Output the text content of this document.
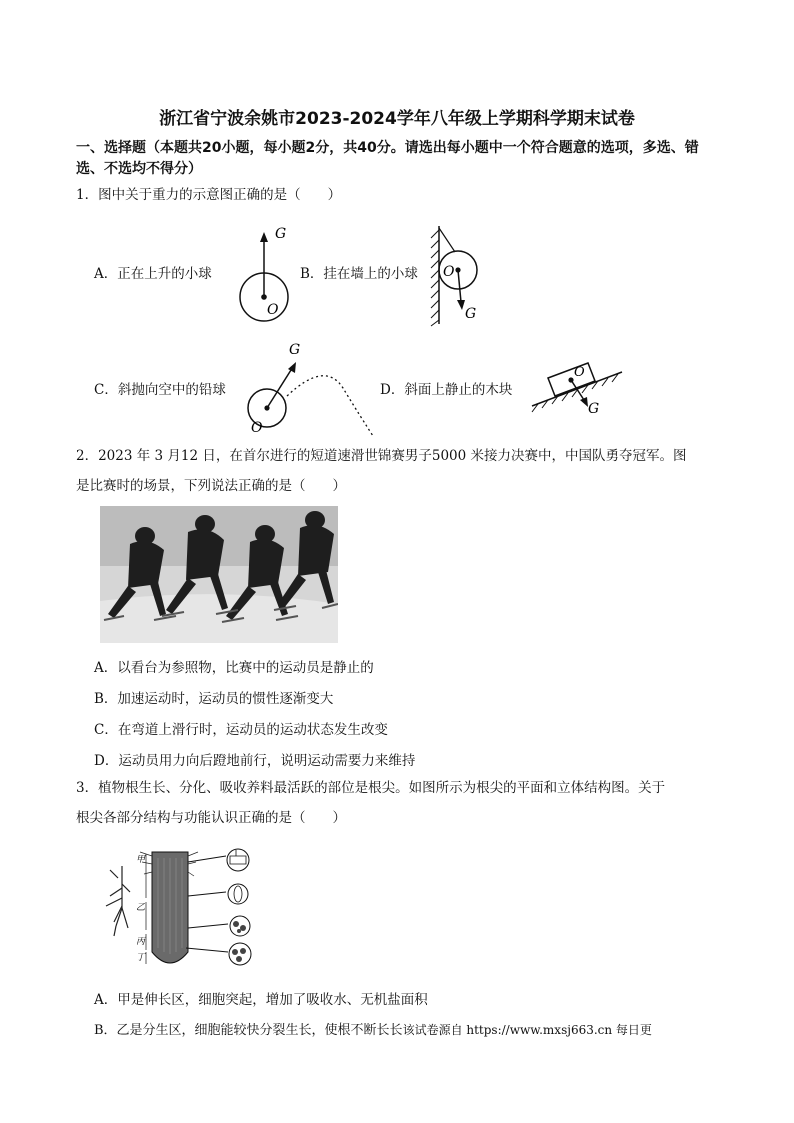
浙江省宁波余姚市2023-2024学年八年级上学期科学期末试卷
一、选择题（本题共20小题，每小题2分，共40分。请选出每小题中一个符合题意的选项，多选、错选、不选均不得分）
1．图中关于重力的示意图正确的是（　　）
A．正在上升的小球	B．挂在墙上的小球
C．斜抛向空中的铅球	D．斜面上静止的木块
G
O
O
G
G
O
O
G
2．2023 年 3 月12 日，在首尔进行的短道速滑世锦赛男子5000 米接力决赛中，中国队勇夺冠军。图
是比赛时的场景，下列说法正确的是（　　）
A．以看台为参照物，比赛中的运动员是静止的
B．加速运动时，运动员的惯性逐渐变大
C．在弯道上滑行时，运动员的运动状态发生改变
D．运动员用力向后蹬地前行，说明运动需要力来维持
3．植物根生长、分化、吸收养料最活跃的部位是根尖。如图所示为根尖的平面和立体结构图。关于
根尖各部分结构与功能认识正确的是（　　）
甲
乙
丙
丁
A．甲是伸长区，细胞突起，增加了吸收水、无机盐面积
B．乙是分生区，细胞能较快分裂生长，使根不断长长该试卷源自 https://www.mxsj663.cn 每日更
